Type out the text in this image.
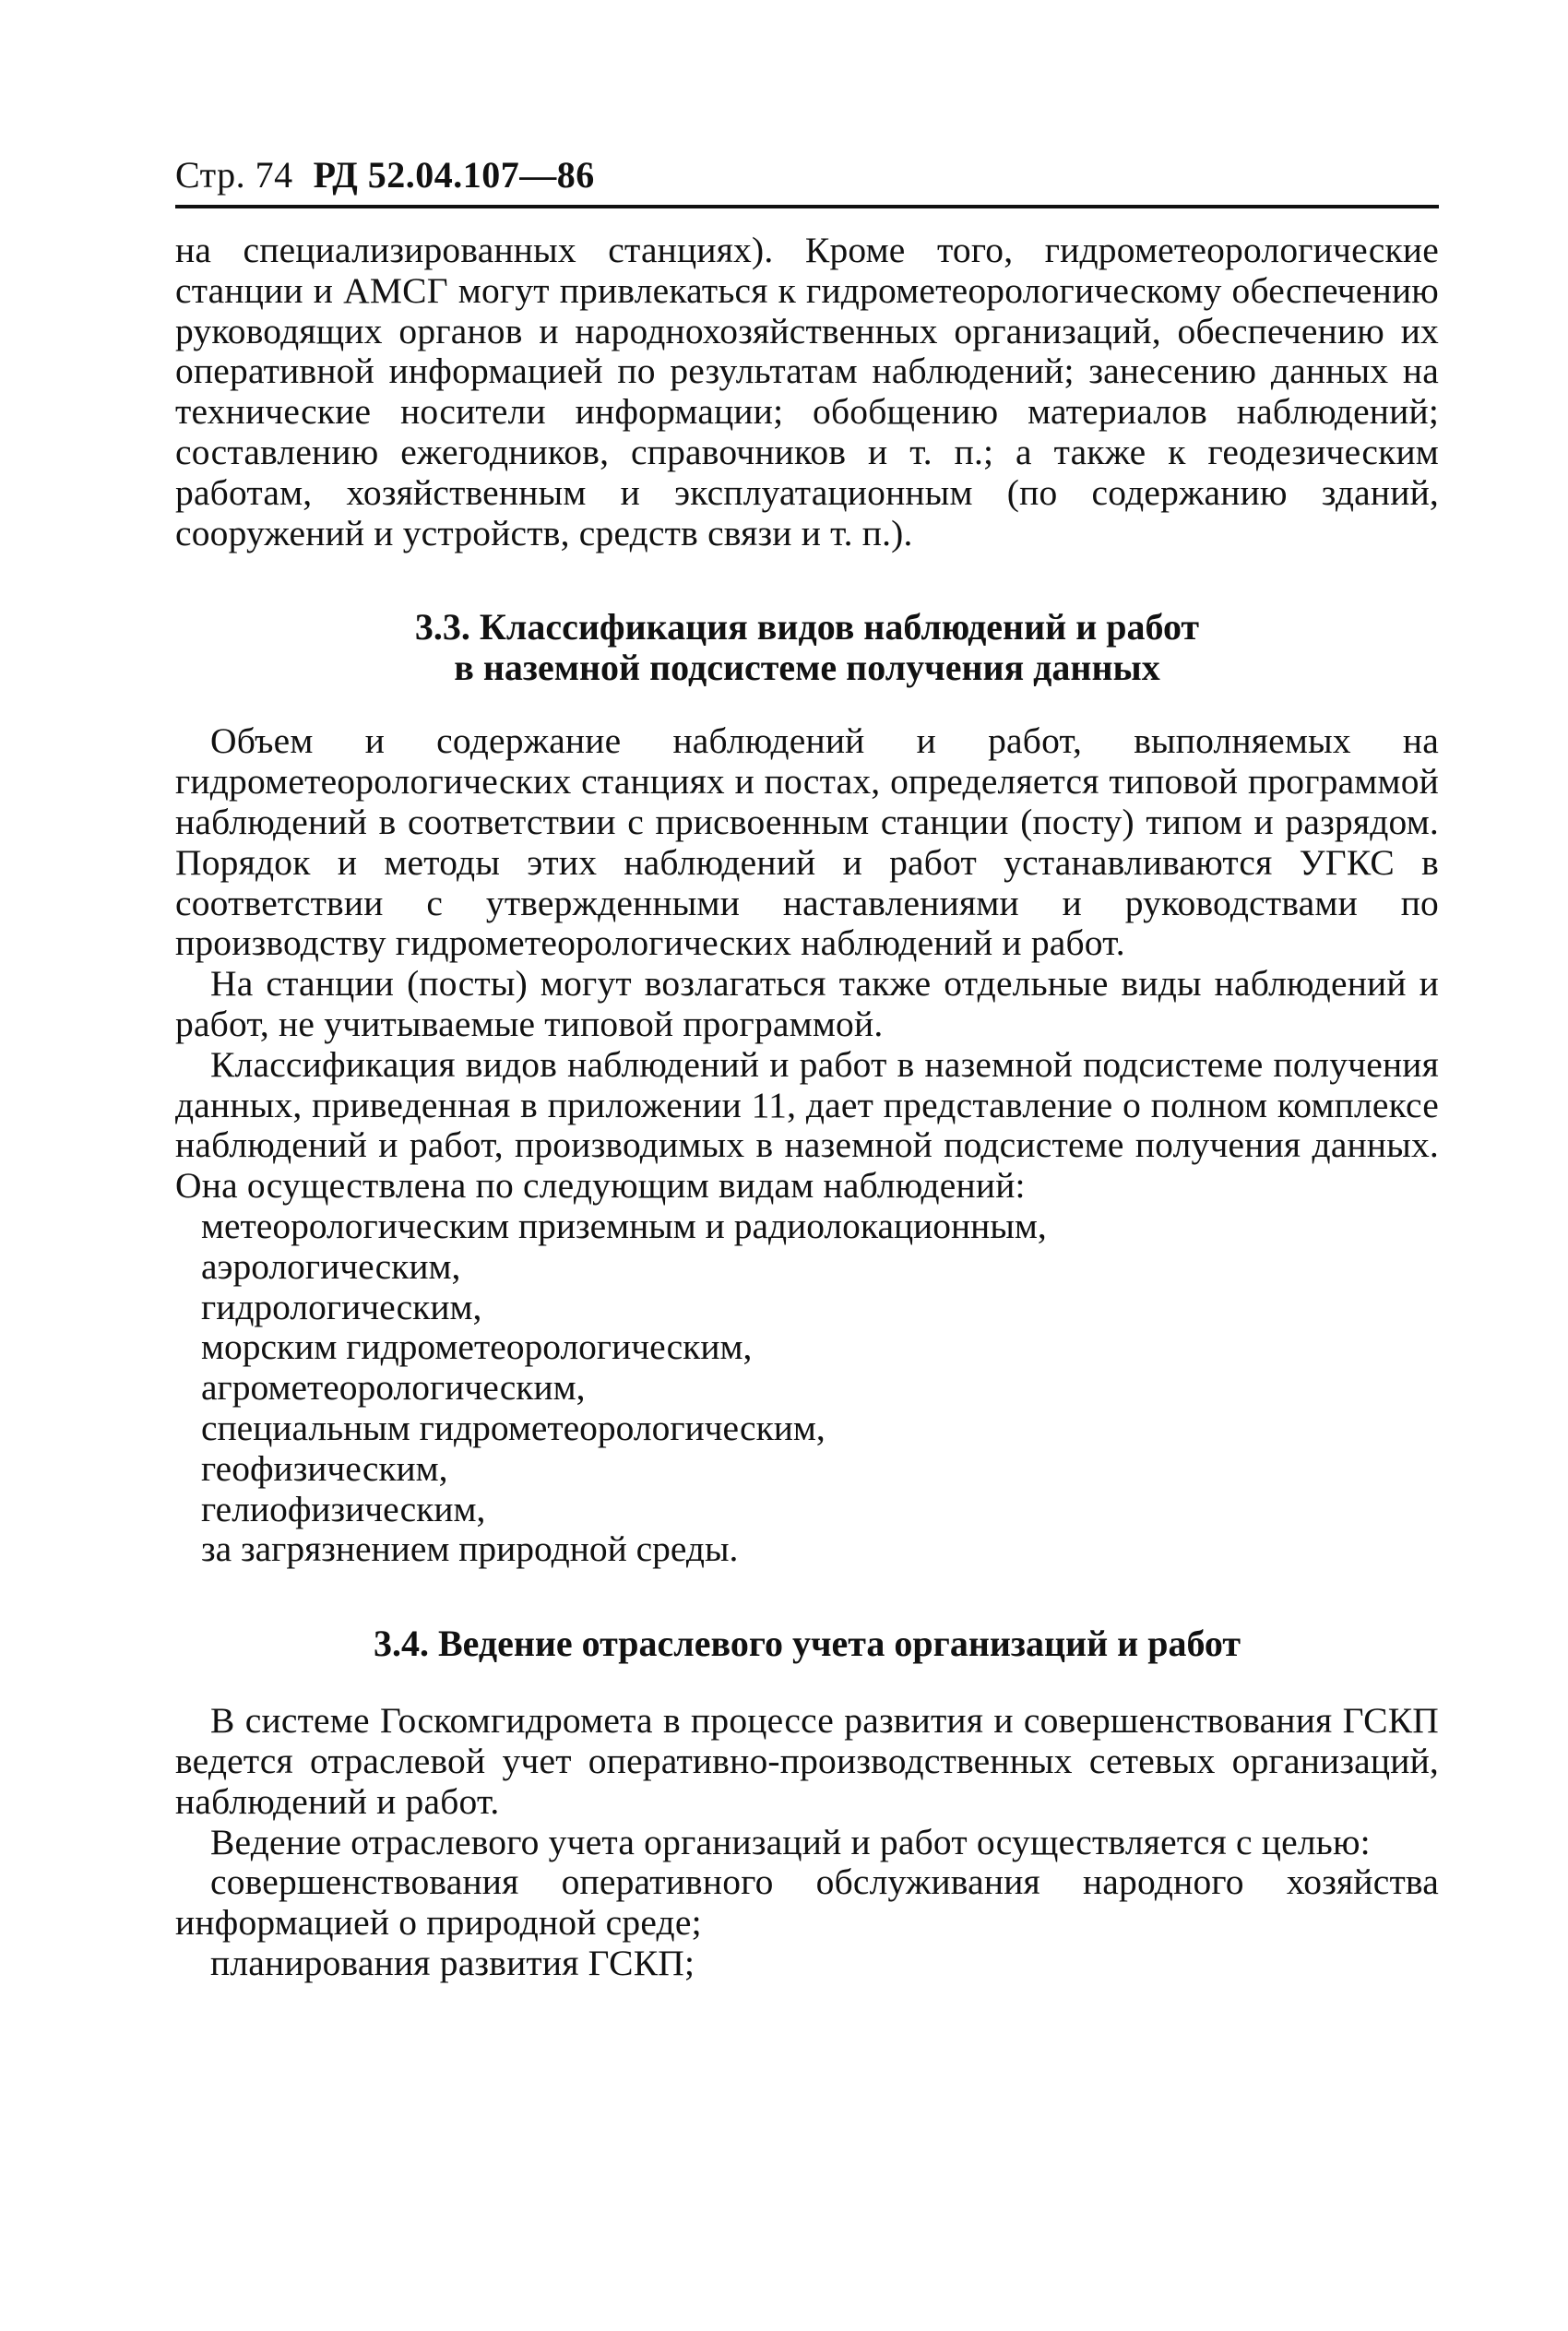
Стр. 74 РД 52.04.107—86

на специализированных станциях). Кроме того, гидрометеорологические станции и АМСГ могут привлекаться к гидрометеорологическому обеспечению руководящих органов и народнохозяйственных организаций, обеспечению их оперативной информацией по результатам наблюдений; занесению данных на технические носители информации; обобщению материалов наблюдений; составлению ежегодников, справочников и т. п.; а также к геодезическим работам, хозяйственным и эксплуатационным (по содержанию зданий, сооружений и устройств, средств связи и т. п.).

3.3. Классификация видов наблюдений и работ
в наземной подсистеме получения данных

Объем и содержание наблюдений и работ, выполняемых на гидрометеорологических станциях и постах, определяется типовой программой наблюдений в соответствии с присвоенным станции (посту) типом и разрядом. Порядок и методы этих наблюдений и работ устанавливаются УГКС в соответствии с утвержденными наставлениями и руководствами по производству гидрометеорологических наблюдений и работ.

На станции (посты) могут возлагаться также отдельные виды наблюдений и работ, не учитываемые типовой программой.

Классификация видов наблюдений и работ в наземной подсистеме получения данных, приведенная в приложении 11, дает представление о полном комплексе наблюдений и работ, производимых в наземной подсистеме получения данных. Она осуществлена по следующим видам наблюдений:

метеорологическим приземным и радиолокационным,
аэрологическим,
гидрологическим,
морским гидрометеорологическим,
агрометеорологическим,
специальным гидрометеорологическим,
геофизическим,
гелиофизическим,
за загрязнением природной среды.
3.4. Ведение отраслевого учета организаций и работ

В системе Госкомгидромета в процессе развития и совершенствования ГСКП ведется отраслевой учет оперативно-производственных сетевых организаций, наблюдений и работ.

Ведение отраслевого учета организаций и работ осуществляется с целью:

совершенствования оперативного обслуживания народного хозяйства информацией о природной среде;

планирования развития ГСКП;
